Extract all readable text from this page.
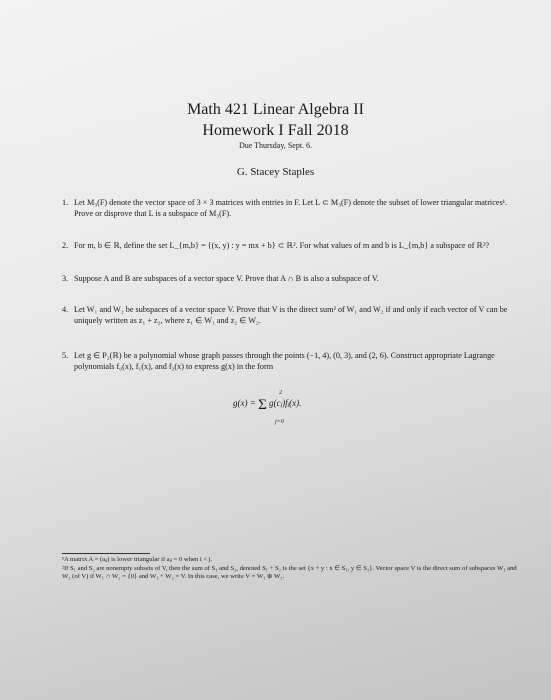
Math 421 Linear Algebra II
Homework I Fall 2018
Due Thursday, Sept. 6.
G. Stacey Staples
1. Let M₃(F) denote the vector space of 3 × 3 matrices with entries in F. Let L ⊂ M₃(F) denote the subset of lower triangular matrices¹. Prove or disprove that L is a subspace of M₃(F).
2. For m, b ∈ ℝ, define the set L_{m,b} = {(x, y) : y = mx + b} ⊂ ℝ². For what values of m and b is L_{m,b} a subspace of ℝ²?
3. Suppose A and B are subspaces of a vector space V. Prove that A ∩ B is also a subspace of V.
4. Let W₁ and W₂ be subspaces of a vector space V. Prove that V is the direct sum² of W₁ and W₂ if and only if each vector of V can be uniquely written as z₁ + z₂, where z₁ ∈ W₁ and z₂ ∈ W₂.
5. Let g ∈ P₂(ℝ) be a polynomial whose graph passes through the points (−1, 4), (0, 3), and (2, 6). Construct appropriate Lagrange polynomials f₀(x), f₁(x), and f₂(x) to express g(x) in the form
g(x) =
2
Σ
j=0
g(cⱼ)fⱼ(x).
¹A matrix A = (aᵢⱼ) is lower triangular if aᵢⱼ = 0 when i < j.
²If S₁ and S₂ are nonempty subsets of V, then the sum of S₁ and S₂, denoted S₁ + S₂ is the set {x + y : x ∈ S₁, y ∈ S₂}. Vector space V is the direct sum of subspaces W₁ and W₂ (of V) if W₁ ∩ W₂ = {0} and W₁ + W₂ = V. In this case, we write V = W₁ ⊕ W₂.
